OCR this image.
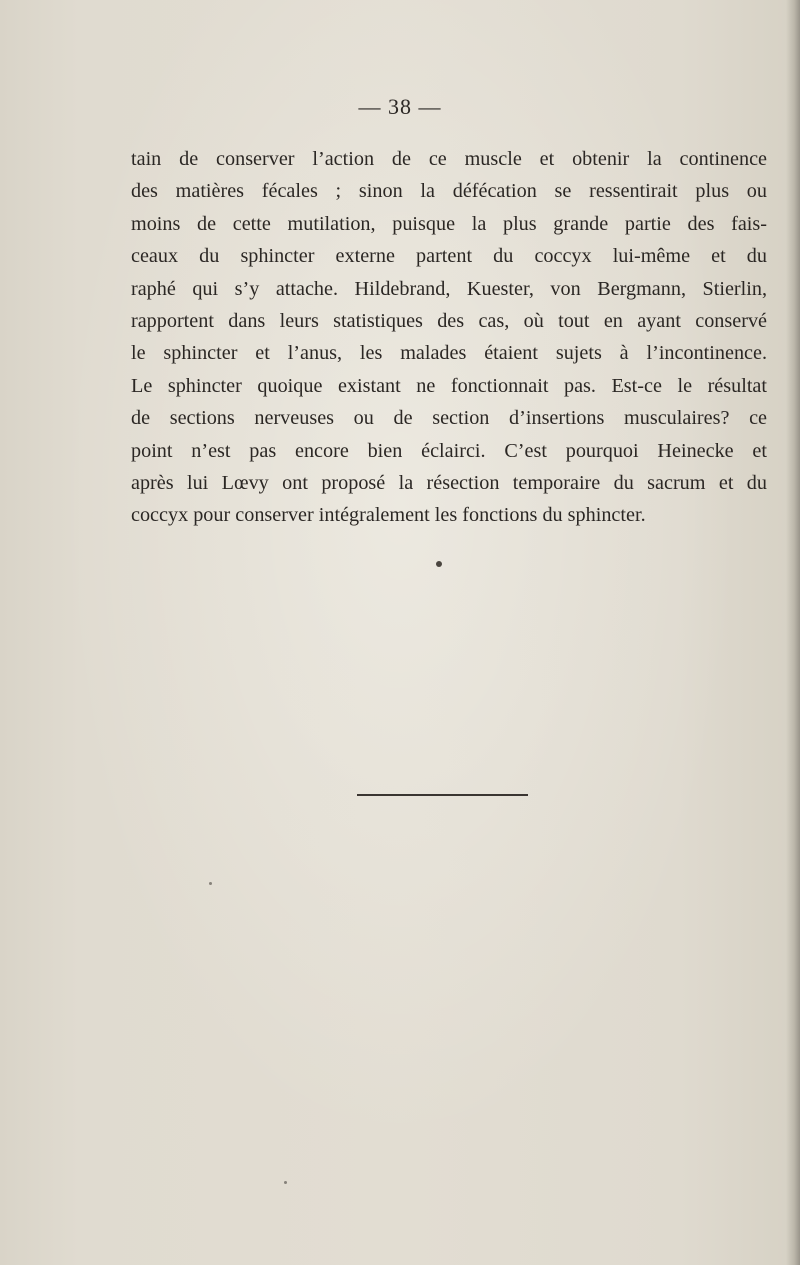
— 38 —

tain de conserver l’action de ce muscle et obtenir la continence
des matières fécales ; sinon la défécation se ressentirait plus ou
moins de cette mutilation, puisque la plus grande partie des fais-
ceaux du sphincter externe partent du coccyx lui-même et du
raphé qui s’y attache. Hildebrand, Kuester, von Bergmann, Stierlin,
rapportent dans leurs statistiques des cas, où tout en ayant conservé
le sphincter et l’anus, les malades étaient sujets à l’incontinence.
Le sphincter quoique existant ne fonctionnait pas. Est-ce le résultat
de sections nerveuses ou de section d’insertions musculaires? ce
point n’est pas encore bien éclairci. C’est pourquoi Heinecke et
après lui Lœvy ont proposé la résection temporaire du sacrum et du
coccyx pour conserver intégralement les fonctions du sphincter.
